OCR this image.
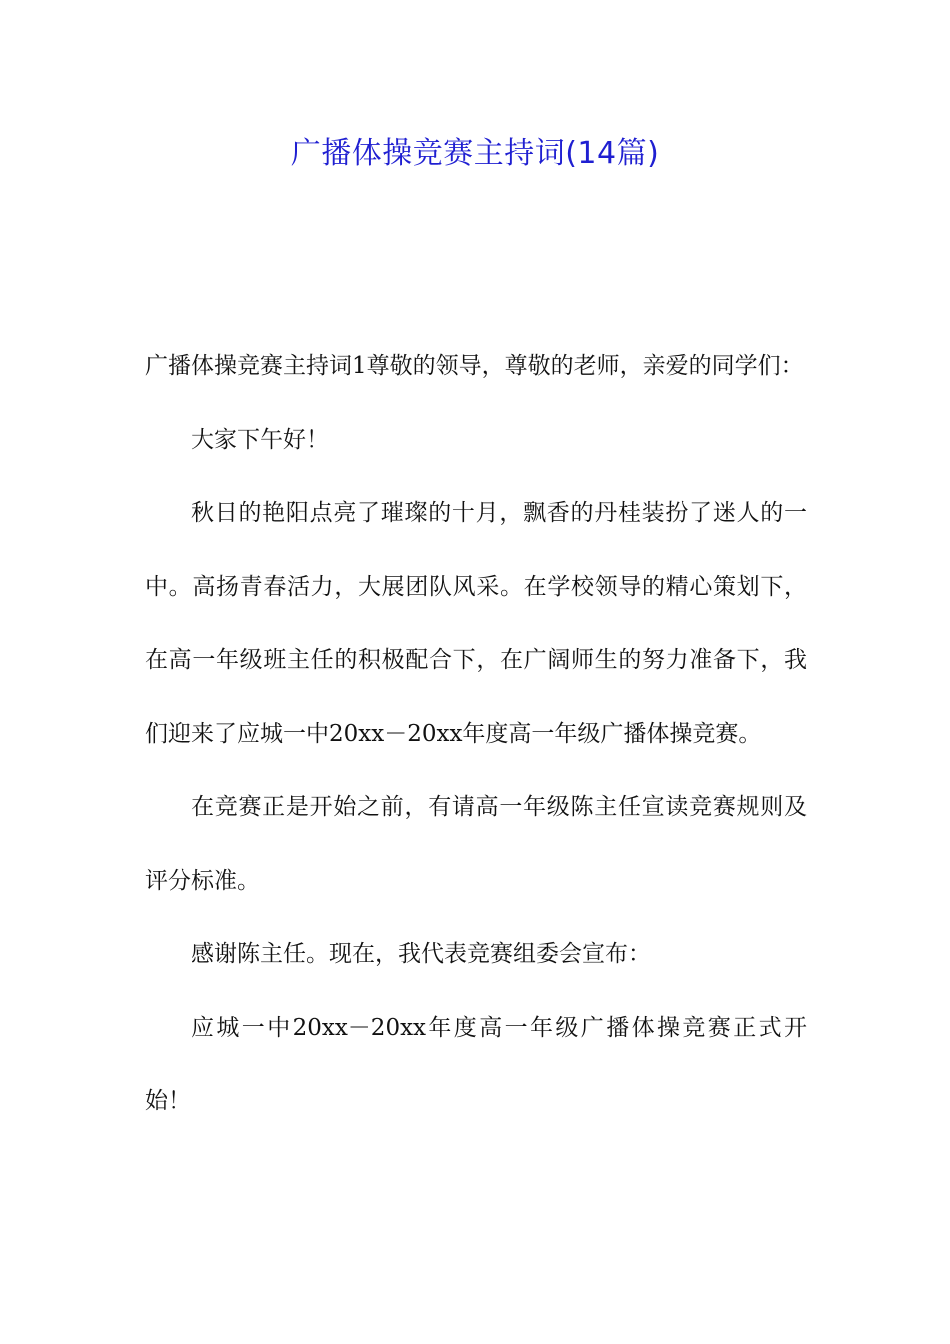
广播体操竞赛主持词(14篇)

广播体操竞赛主持词1尊敬的领导，尊敬的老师，亲爱的同学们：

大家下午好！

秋日的艳阳点亮了璀璨的十月，飘香的丹桂装扮了迷人的一中。高扬青春活力，大展团队风采。在学校领导的精心策划下，在高一年级班主任的积极配合下，在广阔师生的努力准备下，我们迎来了应城一中20xx－20xx年度高一年级广播体操竞赛。

在竞赛正是开始之前，有请高一年级陈主任宣读竞赛规则及评分标准。

感谢陈主任。现在，我代表竞赛组委会宣布：

应城一中20xx－20xx年度高一年级广播体操竞赛正式开始！
